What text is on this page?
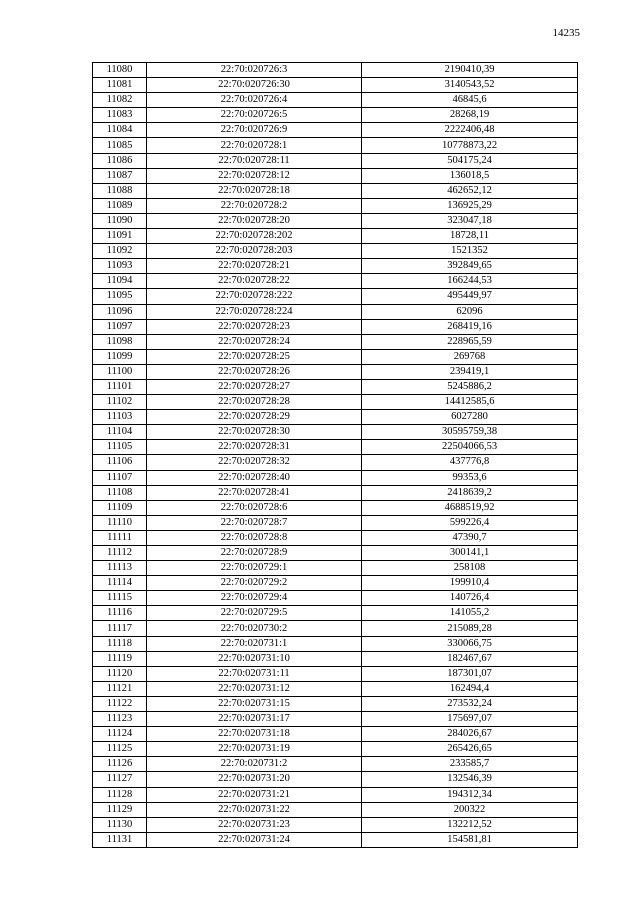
14235
11080	22:70:020726:3	2190410,39
11081	22:70:020726:30	3140543,52
11082	22:70:020726:4	46845,6
11083	22:70:020726:5	28268,19
11084	22:70:020726:9	2222406,48
11085	22:70:020728:1	10778873,22
11086	22:70:020728:11	504175,24
11087	22:70:020728:12	136018,5
11088	22:70:020728:18	462652,12
11089	22:70:020728:2	136925,29
11090	22:70:020728:20	323047,18
11091	22:70:020728:202	18728,11
11092	22:70:020728:203	1521352
11093	22:70:020728:21	392849,65
11094	22:70:020728:22	166244,53
11095	22:70:020728:222	495449,97
11096	22:70:020728:224	62096
11097	22:70:020728:23	268419,16
11098	22:70:020728:24	228965,59
11099	22:70:020728:25	269768
11100	22:70:020728:26	239419,1
11101	22:70:020728:27	5245886,2
11102	22:70:020728:28	14412585,6
11103	22:70:020728:29	6027280
11104	22:70:020728:30	30595759,38
11105	22:70:020728:31	22504066,53
11106	22:70:020728:32	437776,8
11107	22:70:020728:40	99353,6
11108	22:70:020728:41	2418639,2
11109	22:70:020728:6	4688519,92
11110	22:70:020728:7	599226,4
11111	22:70:020728:8	47390,7
11112	22:70:020728:9	300141,1
11113	22:70:020729:1	258108
11114	22:70:020729:2	199910,4
11115	22:70:020729:4	140726,4
11116	22:70:020729:5	141055,2
11117	22:70:020730:2	215089,28
11118	22:70:020731:1	330066,75
11119	22:70:020731:10	182467,67
11120	22:70:020731:11	187301,07
11121	22:70:020731:12	162494,4
11122	22:70:020731:15	273532,24
11123	22:70:020731:17	175697,07
11124	22:70:020731:18	284026,67
11125	22:70:020731:19	265426,65
11126	22:70:020731:2	233585,7
11127	22:70:020731:20	132546,39
11128	22:70:020731:21	194312,34
11129	22:70:020731:22	200322
11130	22:70:020731:23	132212,52
11131	22:70:020731:24	154581,81
